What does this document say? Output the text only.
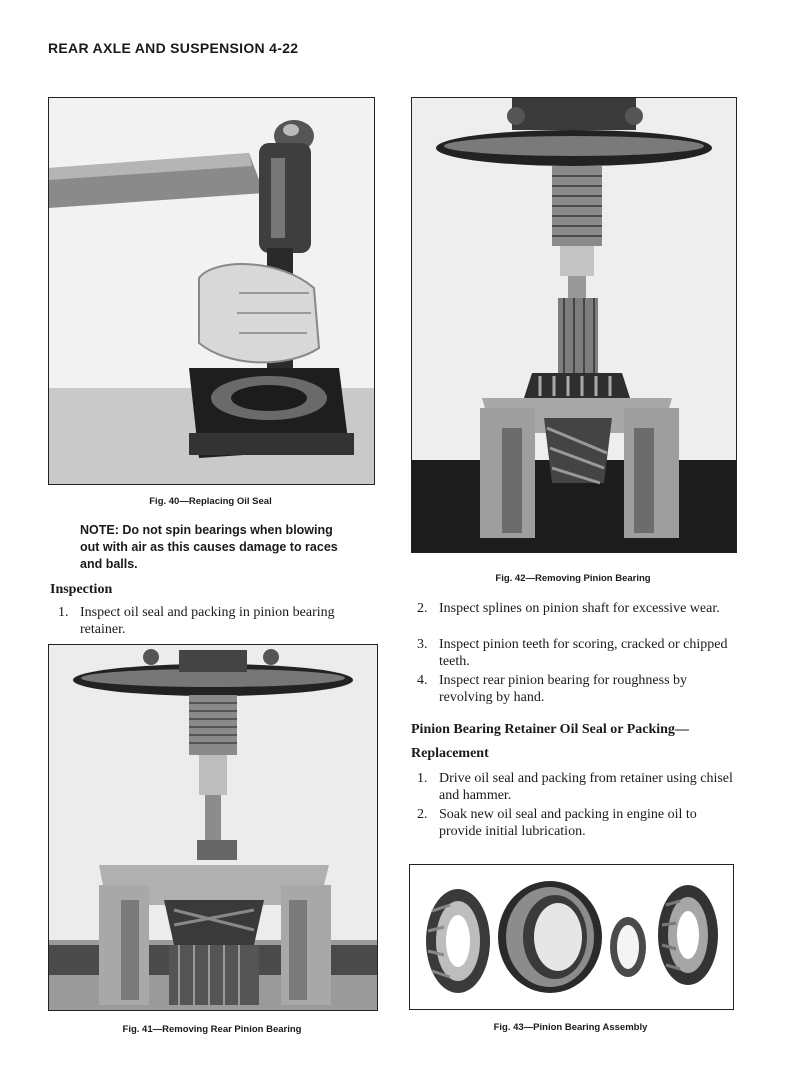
REAR AXLE AND SUSPENSION 4-22
Fig. 40—Replacing Oil Seal
NOTE: Do not spin bearings when blowing out with air as this causes damage to races and balls.
Inspection
1. Inspect oil seal and packing in pinion bearing retainer.
Fig. 41—Removing Rear Pinion Bearing
Fig. 42—Removing Pinion Bearing
2. Inspect splines on pinion shaft for excessive wear.
3. Inspect pinion teeth for scoring, cracked or chipped teeth.
4. Inspect rear pinion bearing for roughness by revolving by hand.
Pinion Bearing Retainer Oil Seal or Packing—
Replacement
1. Drive oil seal and packing from retainer using chisel and hammer.
2. Soak new oil seal and packing in engine oil to provide initial lubrication.
Fig. 43—Pinion Bearing Assembly
